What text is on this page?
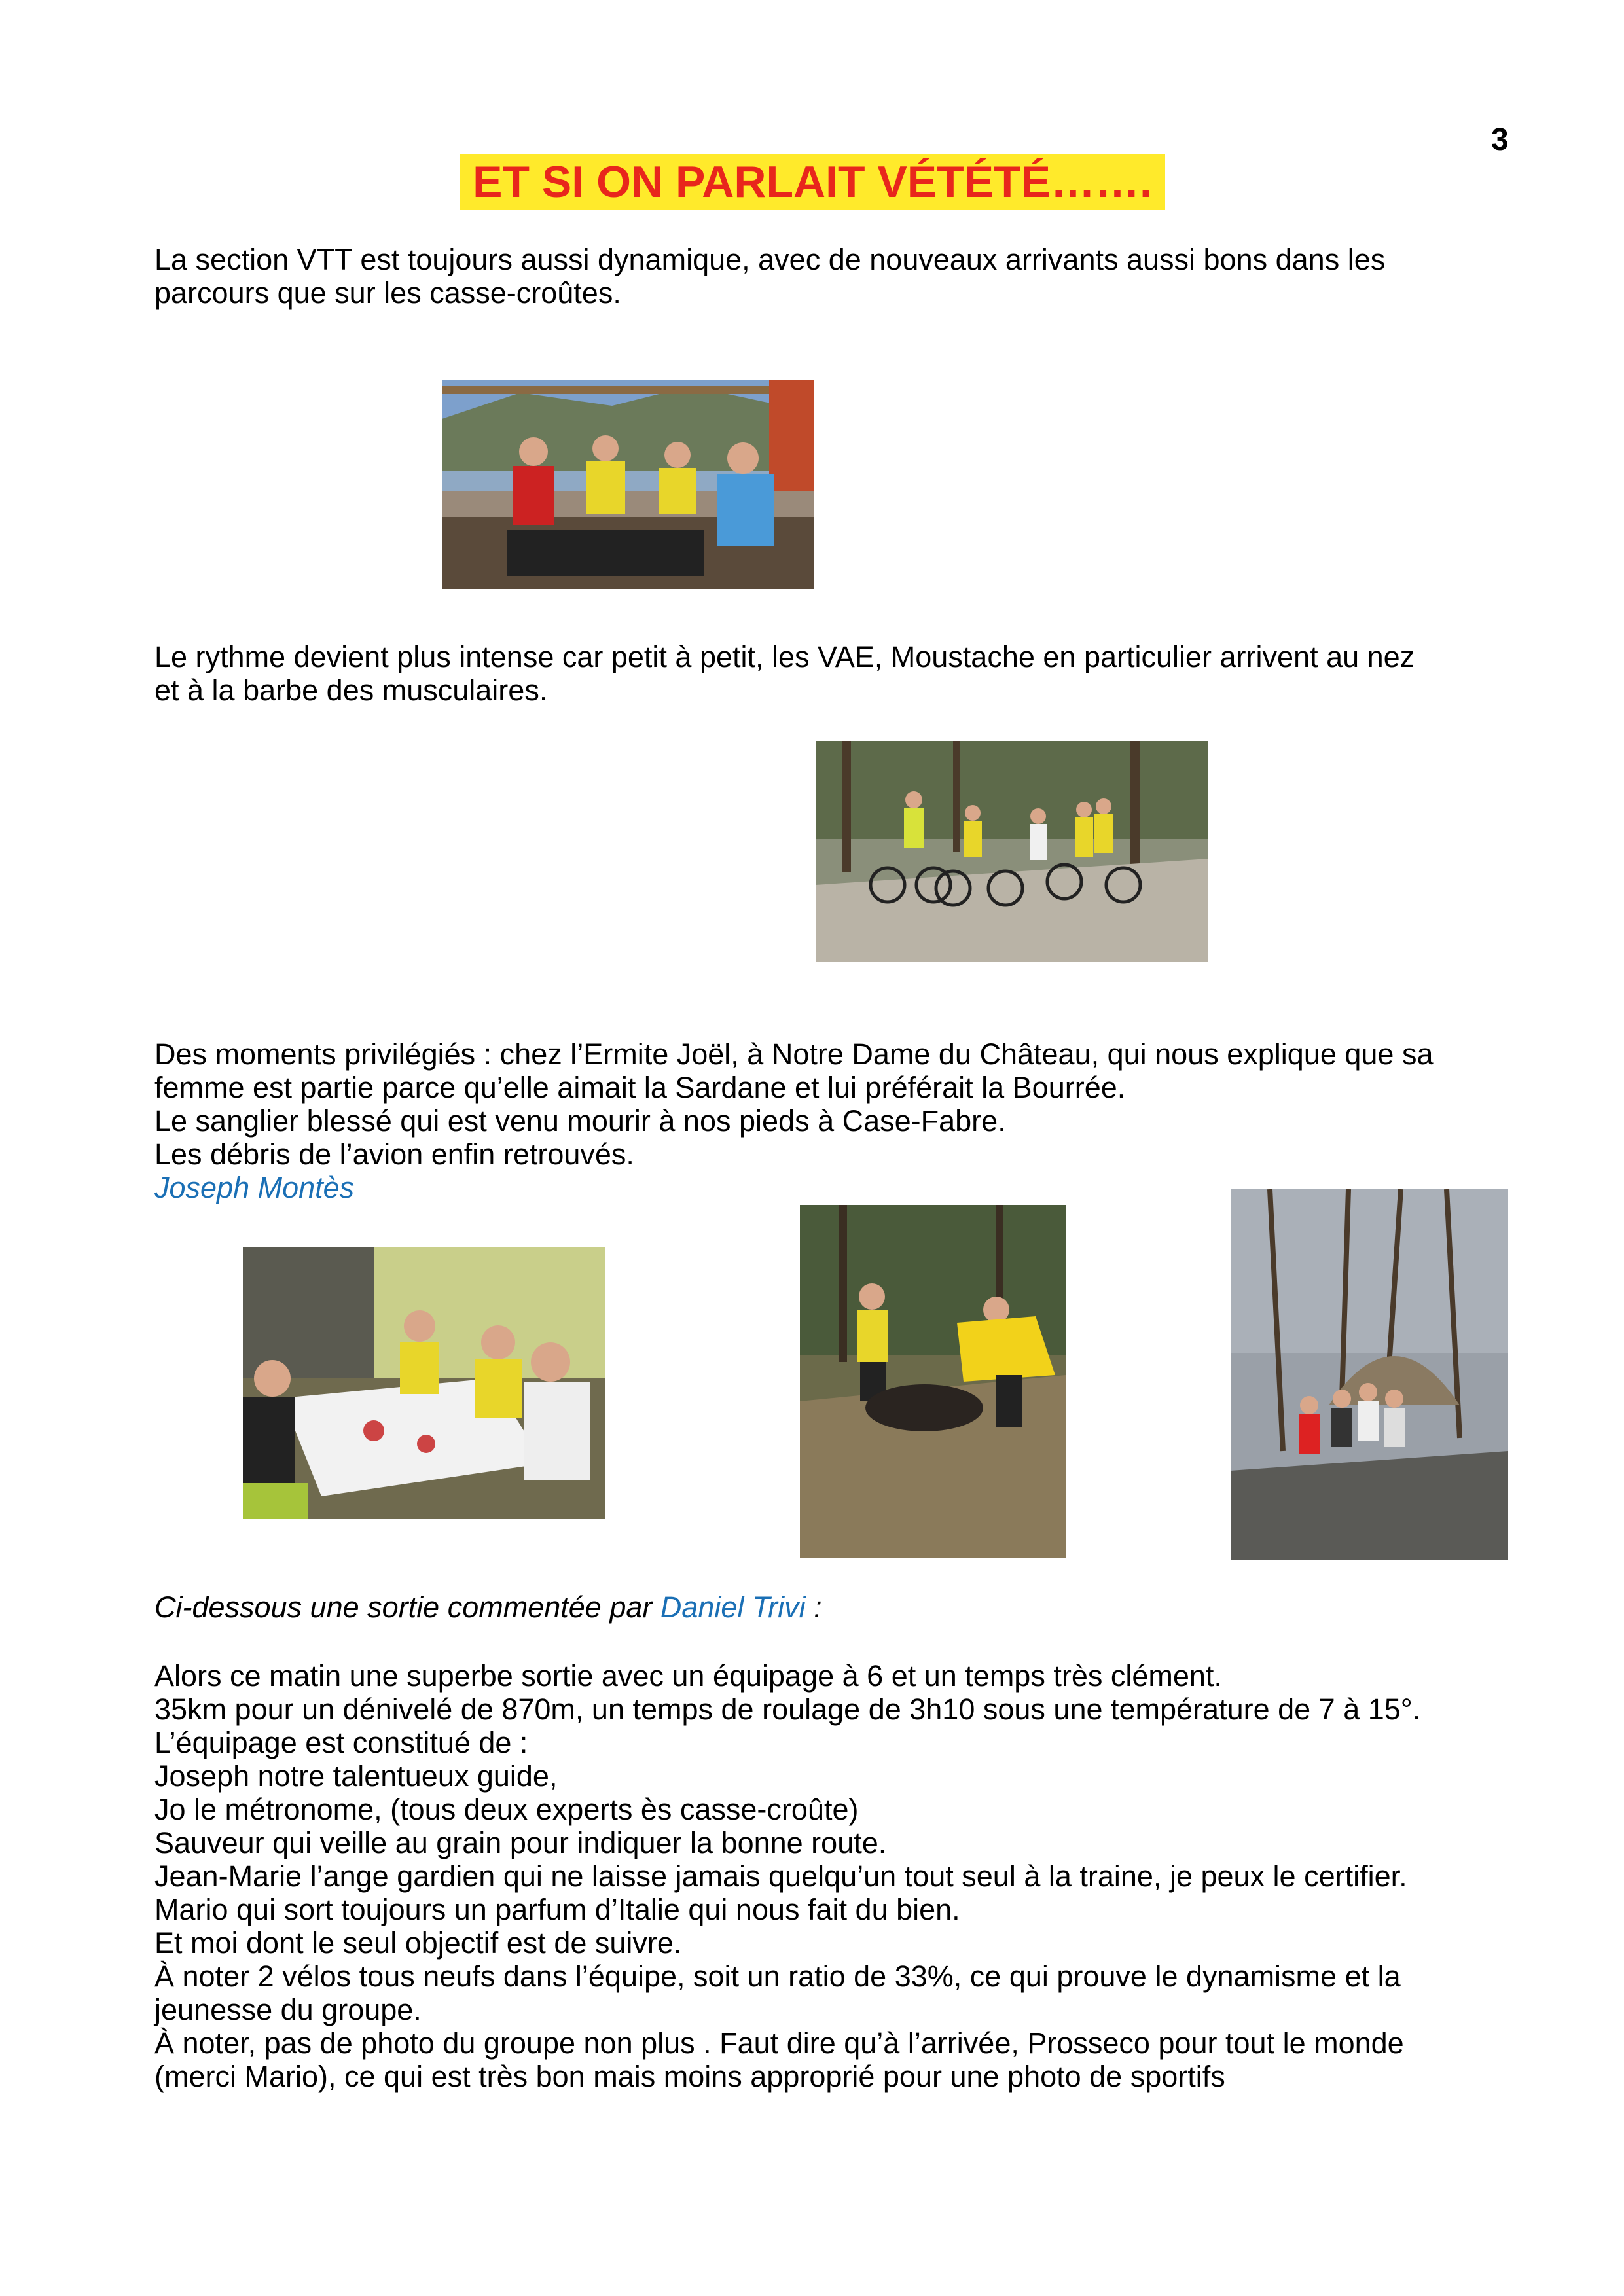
3
ET SI ON PARLAIT VÉTÉTÉ…….
La section VTT est toujours aussi dynamique, avec de nouveaux arrivants aussi bons dans les
parcours que sur les casse-croûtes.
Le rythme devient plus intense car petit à petit, les VAE, Moustache en particulier arrivent au nez
et à la barbe des musculaires.
Des moments privilégiés : chez l’Ermite Joël, à Notre Dame du Château, qui nous explique que sa
femme est partie parce qu’elle aimait la Sardane et lui préférait la Bourrée.
Le sanglier blessé qui est venu mourir à nos pieds à Case-Fabre.
Les débris de l’avion enfin retrouvés.
Joseph Montès
Ci-dessous une sortie commentée par Daniel Trivi :
Alors ce matin une superbe sortie avec un équipage à 6 et un temps très clément.
35km pour un dénivelé de 870m, un temps de roulage de 3h10 sous une température de 7 à 15°.
L’équipage est constitué de :
Joseph notre talentueux guide,
Jo le métronome, (tous deux experts ès casse-croûte)
Sauveur qui veille au grain pour indiquer la bonne route.
Jean-Marie l’ange gardien qui ne laisse jamais quelqu’un tout seul à la traine, je peux le certifier.
Mario qui sort toujours un parfum d’Italie qui nous fait du bien.
Et moi dont le seul objectif est de suivre.
À noter 2 vélos tous neufs dans l’équipe, soit un ratio de 33%, ce qui prouve le dynamisme et la
jeunesse du groupe.
À noter, pas de photo du groupe non plus . Faut dire qu’à l’arrivée, Prosseco pour tout le monde
(merci Mario), ce qui est très bon mais moins approprié pour une photo de sportifs
